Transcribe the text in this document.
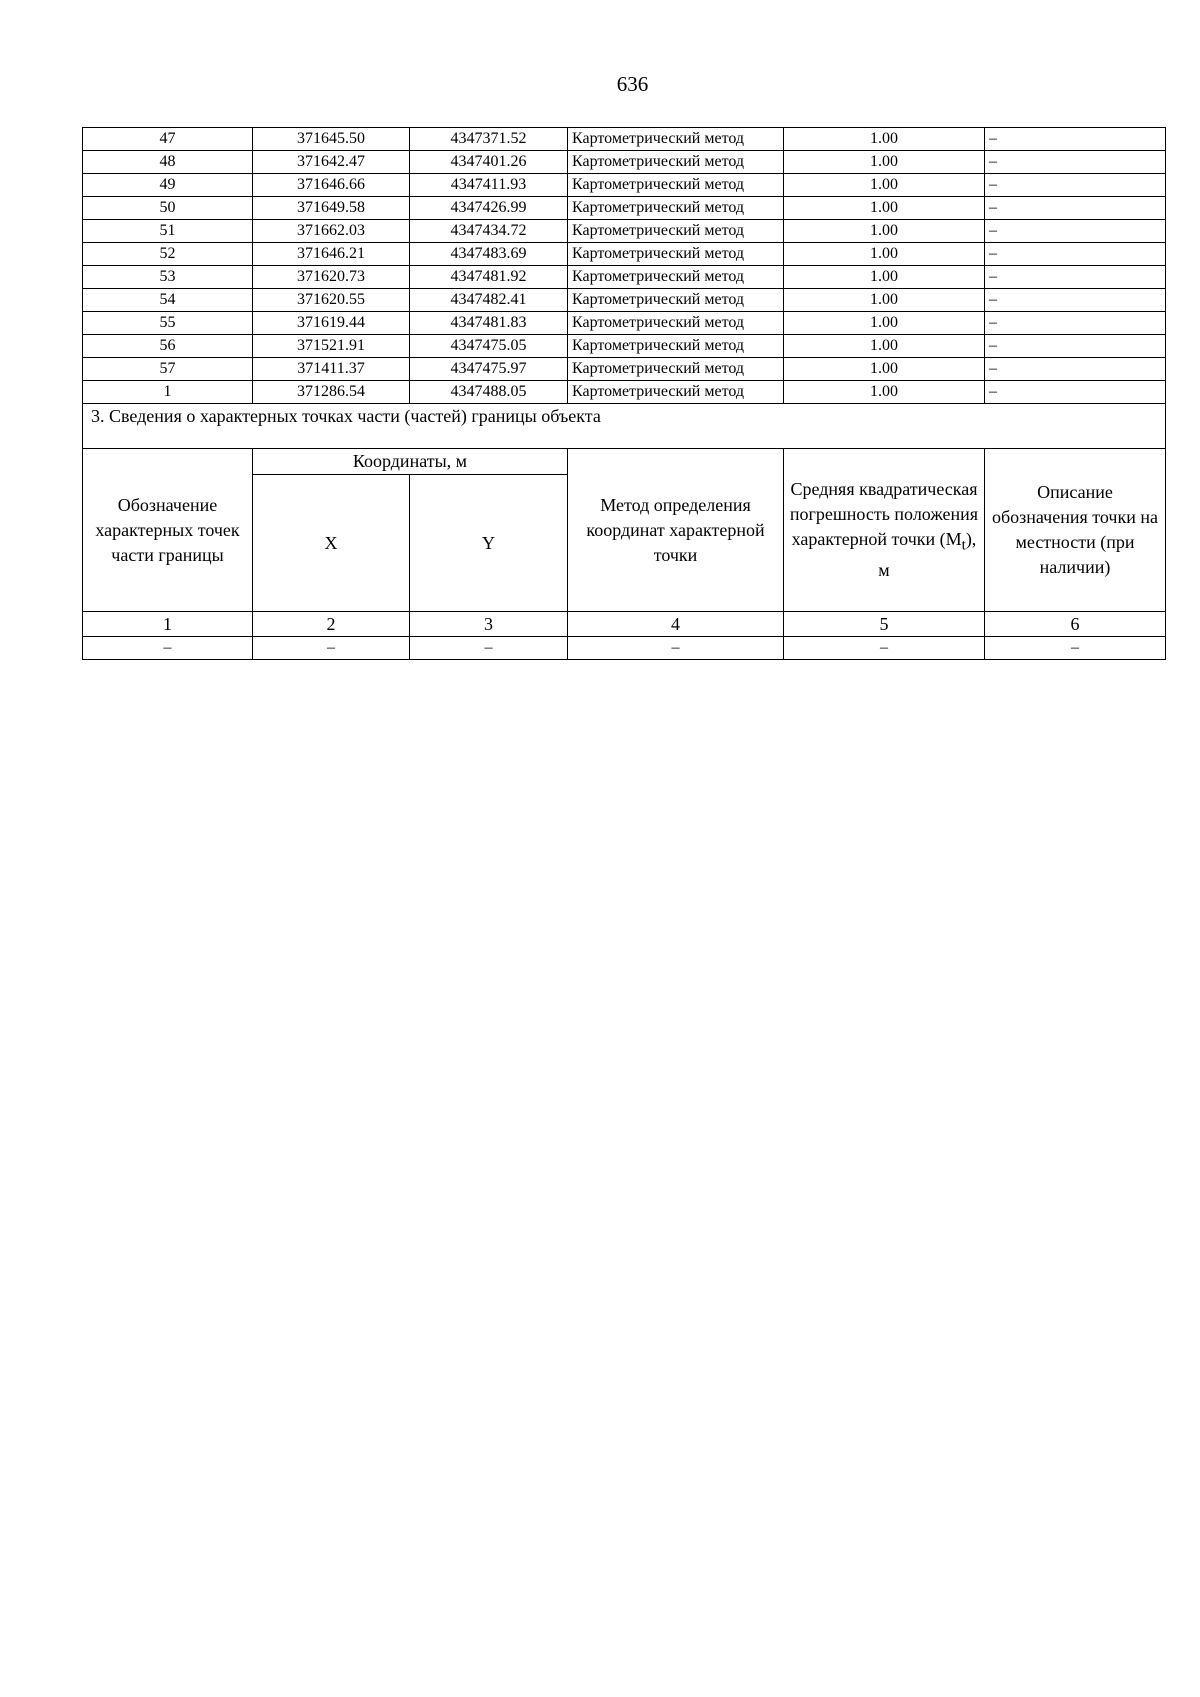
636
47	371645.50	4347371.52	Картометрический метод	1.00	–
48	371642.47	4347401.26	Картометрический метод	1.00	–
49	371646.66	4347411.93	Картометрический метод	1.00	–
50	371649.58	4347426.99	Картометрический метод	1.00	–
51	371662.03	4347434.72	Картометрический метод	1.00	–
52	371646.21	4347483.69	Картометрический метод	1.00	–
53	371620.73	4347481.92	Картометрический метод	1.00	–
54	371620.55	4347482.41	Картометрический метод	1.00	–
55	371619.44	4347481.83	Картометрический метод	1.00	–
56	371521.91	4347475.05	Картометрический метод	1.00	–
57	371411.37	4347475.97	Картометрический метод	1.00	–
1	371286.54	4347488.05	Картометрический метод	1.00	–
3. Сведения о характерных точках части (частей) границы объекта					
Обозначение характерных точек части границы	Координаты, м		Метод определения координат характерной точки	Средняя квадратическая погрешность положения характерной точки $(M_t)$, м	Описание обозначения точки на местности (при наличии)
	X	Y			
1	2	3	4	5	6
–	–	–	–	–	–
